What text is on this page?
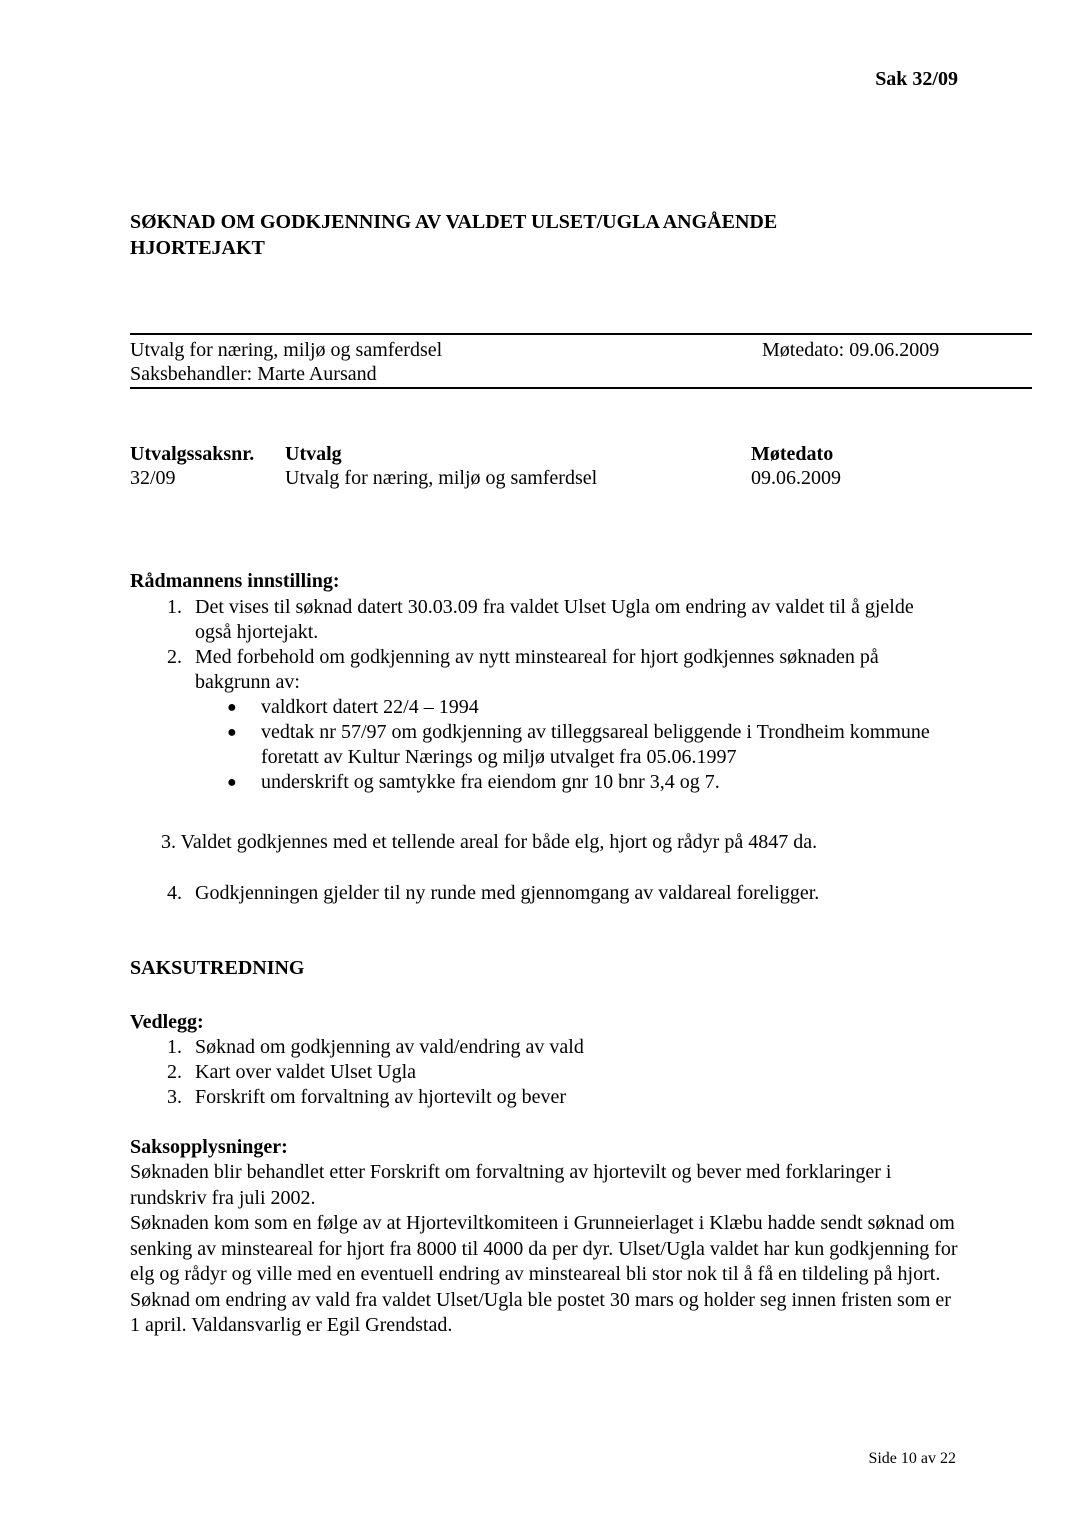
Sak 32/09
SØKNAD OM GODKJENNING AV VALDET ULSET/UGLA ANGÅENDE HJORTEJAKT
Utvalg for næring, miljø og samferdsel
Saksbehandler: Marte Aursand
Møtedato: 09.06.2009
Utvalgssaksnr.	Utvalg	Møtedato
32/09	Utvalg for næring, miljø og samferdsel	09.06.2009
Rådmannens innstilling:
1. Det vises til søknad datert 30.03.09 fra valdet Ulset Ugla om endring av valdet til å gjelde også hjortejakt.
2. Med forbehold om godkjenning av nytt minsteareal for hjort godkjennes søknaden på bakgrunn av:
●	valdkort datert 22/4 – 1994
●	vedtak nr 57/97 om godkjenning av tilleggsareal beliggende i Trondheim kommune foretatt av Kultur Nærings og miljø utvalget fra 05.06.1997
●	underskrift og samtykke fra eiendom gnr 10 bnr 3,4 og 7.
3. Valdet godkjennes med et tellende areal for både elg, hjort og rådyr på 4847 da.
4. Godkjenningen gjelder til ny runde med gjennomgang av valdareal foreligger.
SAKSUTREDNING
Vedlegg:
1. Søknad om godkjenning av vald/endring av vald
2. Kart over valdet Ulset Ugla
3. Forskrift om forvaltning av hjortevilt og bever
Saksopplysninger:
Søknaden blir behandlet etter Forskrift om forvaltning av hjortevilt og bever med forklaringer i rundskriv fra juli 2002.
Søknaden kom som en følge av at Hjorteviltkomiteen i Grunneierlaget i Klæbu hadde sendt søknad om senking av minsteareal for hjort fra 8000 til 4000 da per dyr. Ulset/Ugla valdet har kun godkjenning for elg og rådyr og ville med en eventuell endring av minsteareal bli stor nok til å få en tildeling på hjort. Søknad om endring av vald fra valdet Ulset/Ugla ble postet 30 mars og holder seg innen fristen som er 1 april. Valdansvarlig er Egil Grendstad.
Side 10 av 22
